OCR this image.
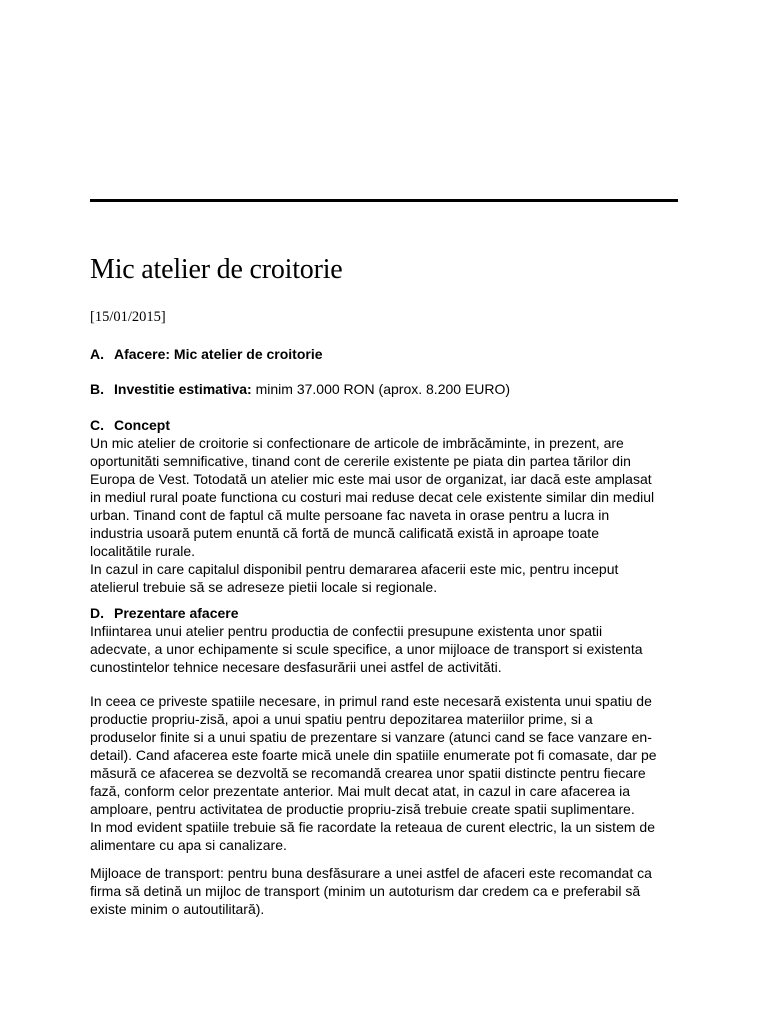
Mic atelier de croitorie
[15/01/2015]
A. Afacere: Mic atelier de croitorie
B. Investitie estimativa: minim 37.000 RON (aprox. 8.200 EURO)
C. Concept
Un mic atelier de croitorie si confectionare de articole de imbrăcăminte, in prezent, are
oportunităti semnificative, tinand cont de cererile existente pe piata din partea tărilor din
Europa de Vest. Totodată un atelier mic este mai usor de organizat, iar dacă este amplasat
in mediul rural poate functiona cu costuri mai reduse decat cele existente similar din mediul
urban. Tinand cont de faptul că multe persoane fac naveta in orase pentru a lucra in
industria usoară putem enuntă că fortă de muncă calificată există in aproape toate
localitătile rurale.
In cazul in care capitalul disponibil pentru demararea afacerii este mic, pentru inceput
atelierul trebuie să se adreseze pietii locale si regionale.
D. Prezentare afacere
Infiintarea unui atelier pentru productia de confectii presupune existenta unor spatii
adecvate, a unor echipamente si scule specifice, a unor mijloace de transport si existenta
cunostintelor tehnice necesare desfasurării unei astfel de activităti.
In ceea ce priveste spatiile necesare, in primul rand este necesară existenta unui spatiu de
productie propriu-zisă, apoi a unui spatiu pentru depozitarea materiilor prime, si a
produselor finite si a unui spatiu de prezentare si vanzare (atunci cand se face vanzare en-
detail). Cand afacerea este foarte mică unele din spatiile enumerate pot fi comasate, dar pe
măsură ce afacerea se dezvoltă se recomandă crearea unor spatii distincte pentru fiecare
fază, conform celor prezentate anterior. Mai mult decat atat, in cazul in care afacerea ia
amploare, pentru activitatea de productie propriu-zisă trebuie create spatii suplimentare.
In mod evident spatiile trebuie să fie racordate la reteaua de curent electric, la un sistem de
alimentare cu apa si canalizare.
Mijloace de transport: pentru buna desfăsurare a unei astfel de afaceri este recomandat ca
firma să detină un mijloc de transport (minim un autoturism dar credem ca e preferabil să
existe minim o autoutilitară).
